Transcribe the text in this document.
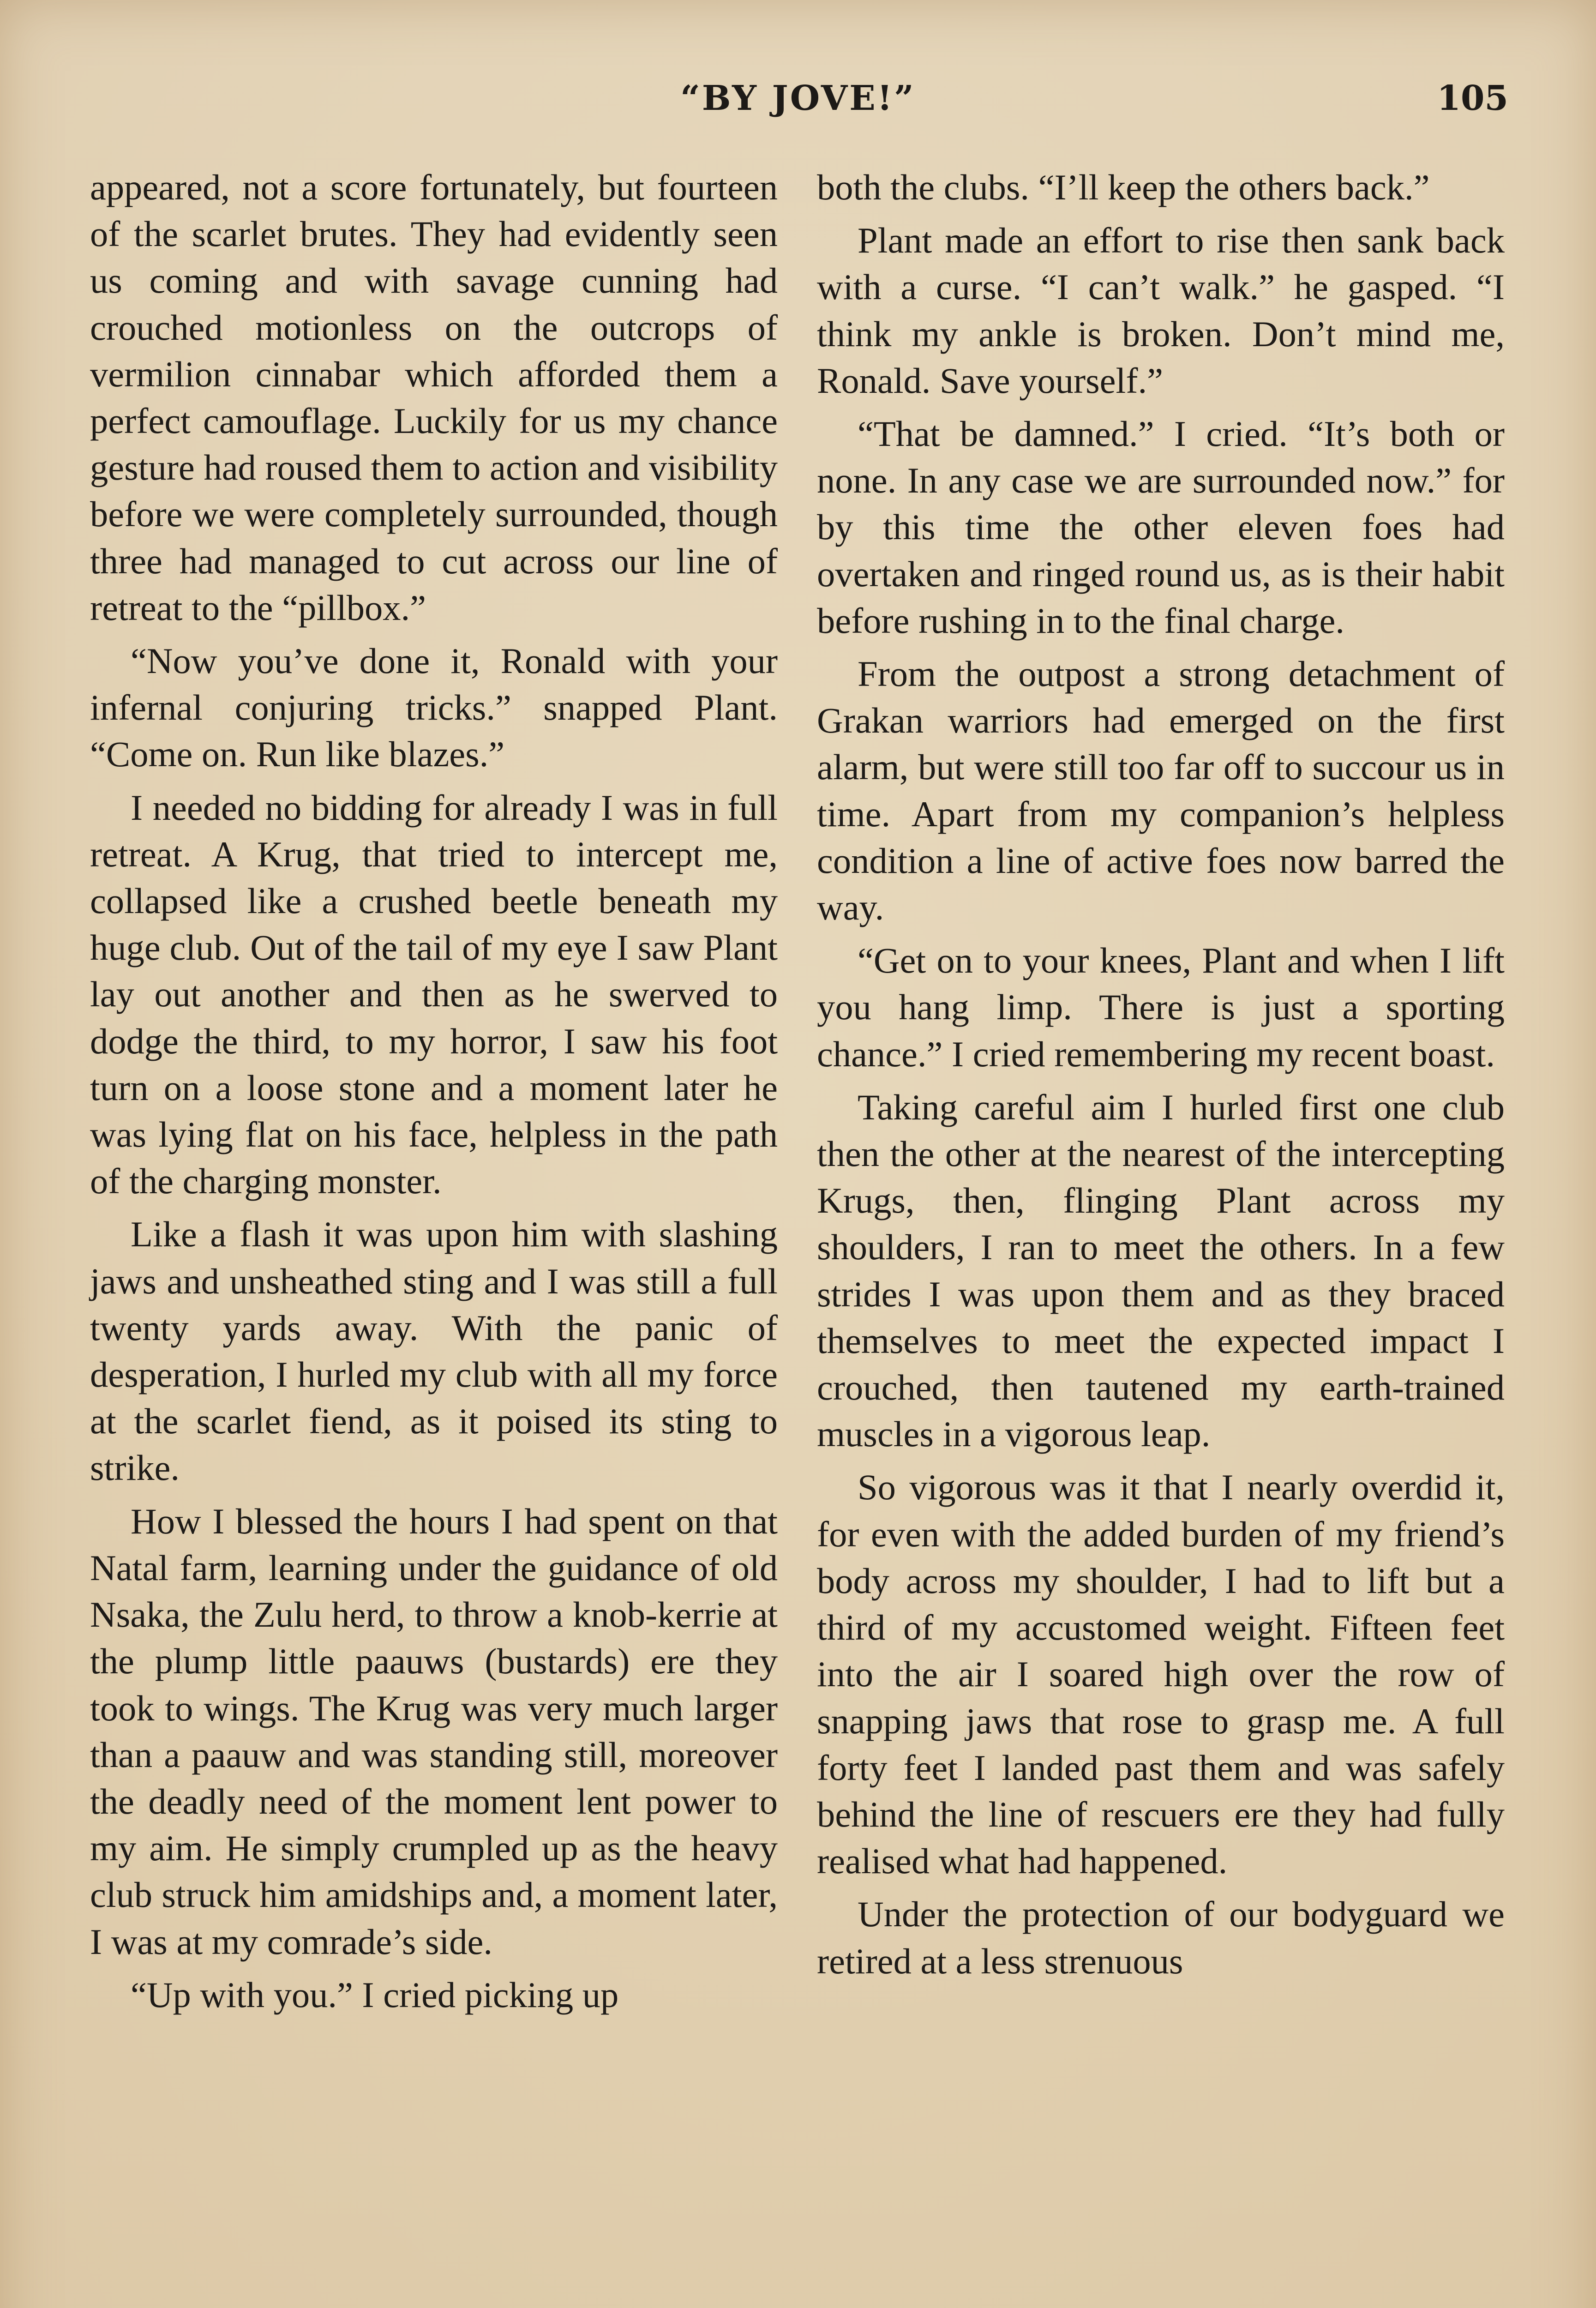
“BY JOVE!”	105

appeared, not a score fortunately, but fourteen of the scarlet brutes. They had evidently seen us coming and with savage cunning had crouched motionless on the outcrops of vermilion cinnabar which afforded them a perfect camouflage. Luckily for us my chance gesture had roused them to action and visibility before we were completely surrounded, though three had managed to cut across our line of retreat to the “pillbox.”

“Now you’ve done it, Ronald with your infernal conjuring tricks.” snapped Plant. “Come on. Run like blazes.”

I needed no bidding for already I was in full retreat. A Krug, that tried to intercept me, collapsed like a crushed beetle beneath my huge club. Out of the tail of my eye I saw Plant lay out another and then as he swerved to dodge the third, to my horror, I saw his foot turn on a loose stone and a moment later he was lying flat on his face, helpless in the path of the charging monster.

Like a flash it was upon him with slashing jaws and unsheathed sting and I was still a full twenty yards away. With the panic of desperation, I hurled my club with all my force at the scarlet fiend, as it poised its sting to strike.

How I blessed the hours I had spent on that Natal farm, learning under the guidance of old Nsaka, the Zulu herd, to throw a knob-kerrie at the plump little paauws (bustards) ere they took to wings. The Krug was very much larger than a paauw and was standing still, moreover the deadly need of the moment lent power to my aim. He simply crumpled up as the heavy club struck him amidships and, a moment later, I was at my comrade’s side.

“Up with you.” I cried picking up

both the clubs. “I’ll keep the others back.”

Plant made an effort to rise then sank back with a curse. “I can’t walk.” he gasped. “I think my ankle is broken. Don’t mind me, Ronald. Save yourself.”

“That be damned.” I cried. “It’s both or none. In any case we are surrounded now.” for by this time the other eleven foes had overtaken and ringed round us, as is their habit before rushing in to the final charge.

From the outpost a strong detachment of Grakan warriors had emerged on the first alarm, but were still too far off to succour us in time. Apart from my companion’s helpless condition a line of active foes now barred the way.

“Get on to your knees, Plant and when I lift you hang limp. There is just a sporting chance.” I cried remembering my recent boast.

Taking careful aim I hurled first one club then the other at the nearest of the intercepting Krugs, then, flinging Plant across my shoulders, I ran to meet the others. In a few strides I was upon them and as they braced themselves to meet the expected impact I crouched, then tautened my earth-trained muscles in a vigorous leap.

So vigorous was it that I nearly overdid it, for even with the added burden of my friend’s body across my shoulder, I had to lift but a third of my accustomed weight. Fifteen feet into the air I soared high over the row of snapping jaws that rose to grasp me. A full forty feet I landed past them and was safely behind the line of rescuers ere they had fully realised what had happened.

Under the protection of our bodyguard we retired at a less strenuous
